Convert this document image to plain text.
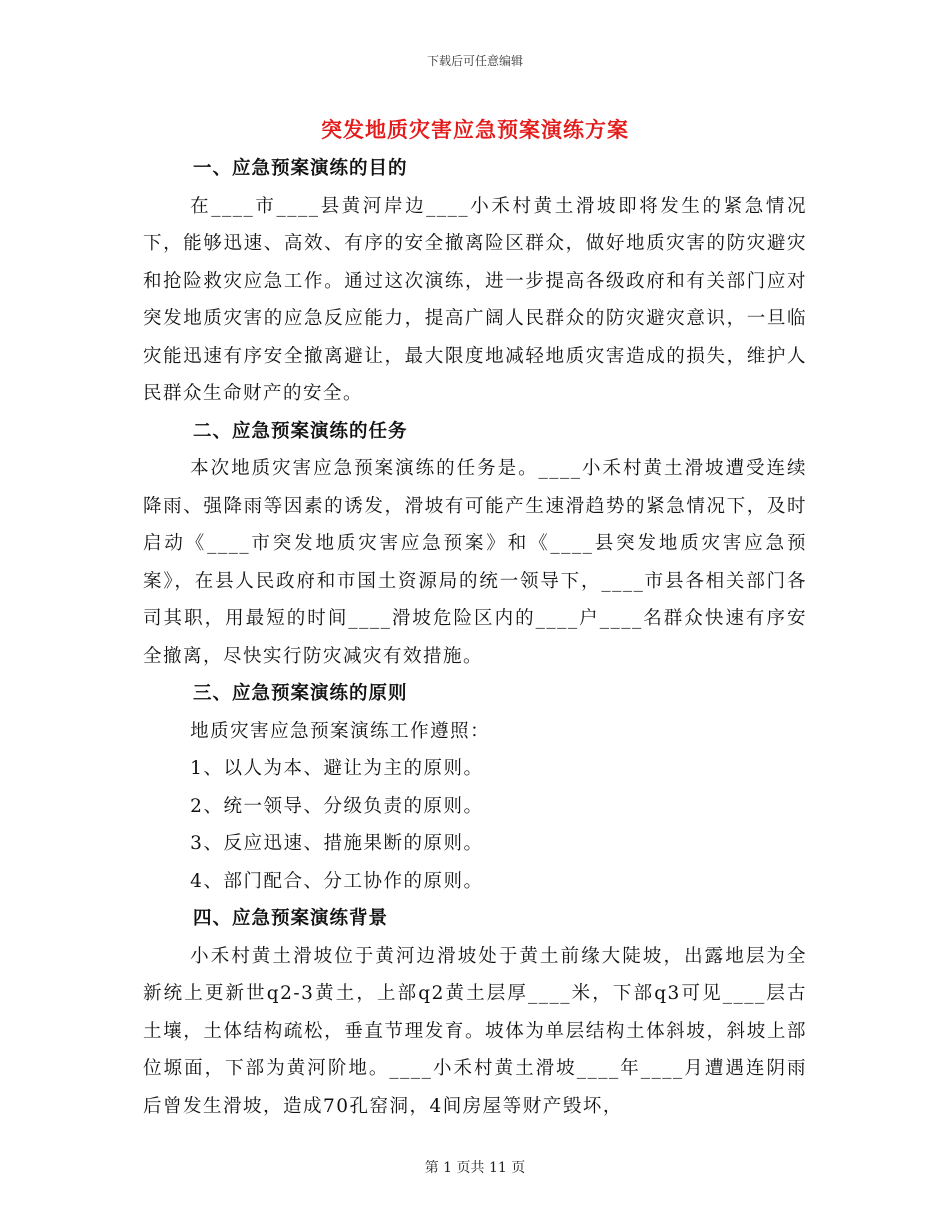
下载后可任意编辑
突发地质灾害应急预案演练方案

一、应急预案演练的目的

在____市____县黄河岸边____小禾村黄土滑坡即将发生的紧急情况下，能够迅速、高效、有序的安全撤离险区群众，做好地质灾害的防灾避灾和抢险救灾应急工作。通过这次演练，进一步提高各级政府和有关部门应对突发地质灾害的应急反应能力，提高广阔人民群众的防灾避灾意识，一旦临灾能迅速有序安全撤离避让，最大限度地减轻地质灾害造成的损失，维护人民群众生命财产的安全。

二、应急预案演练的任务

本次地质灾害应急预案演练的任务是。____小禾村黄土滑坡遭受连续降雨、强降雨等因素的诱发，滑坡有可能产生速滑趋势的紧急情况下，及时启动《____市突发地质灾害应急预案》和《____县突发地质灾害应急预案》，在县人民政府和市国土资源局的统一领导下，____市县各相关部门各司其职，用最短的时间____滑坡危险区内的____户____名群众快速有序安全撤离，尽快实行防灾减灾有效措施。

三、应急预案演练的原则

地质灾害应急预案演练工作遵照：

1、以人为本、避让为主的原则。

2、统一领导、分级负责的原则。

3、反应迅速、措施果断的原则。

4、部门配合、分工协作的原则。

四、应急预案演练背景

小禾村黄土滑坡位于黄河边滑坡处于黄土前缘大陡坡，出露地层为全新统上更新世q2-3黄土，上部q2黄土层厚____米，下部q3可见____层古土壤，土体结构疏松，垂直节理发育。坡体为单层结构土体斜坡，斜坡上部位塬面，下部为黄河阶地。____小禾村黄土滑坡____年____月遭遇连阴雨后曾发生滑坡，造成70孔窑洞，4间房屋等财产毁坏，

第 1 页共 11 页
